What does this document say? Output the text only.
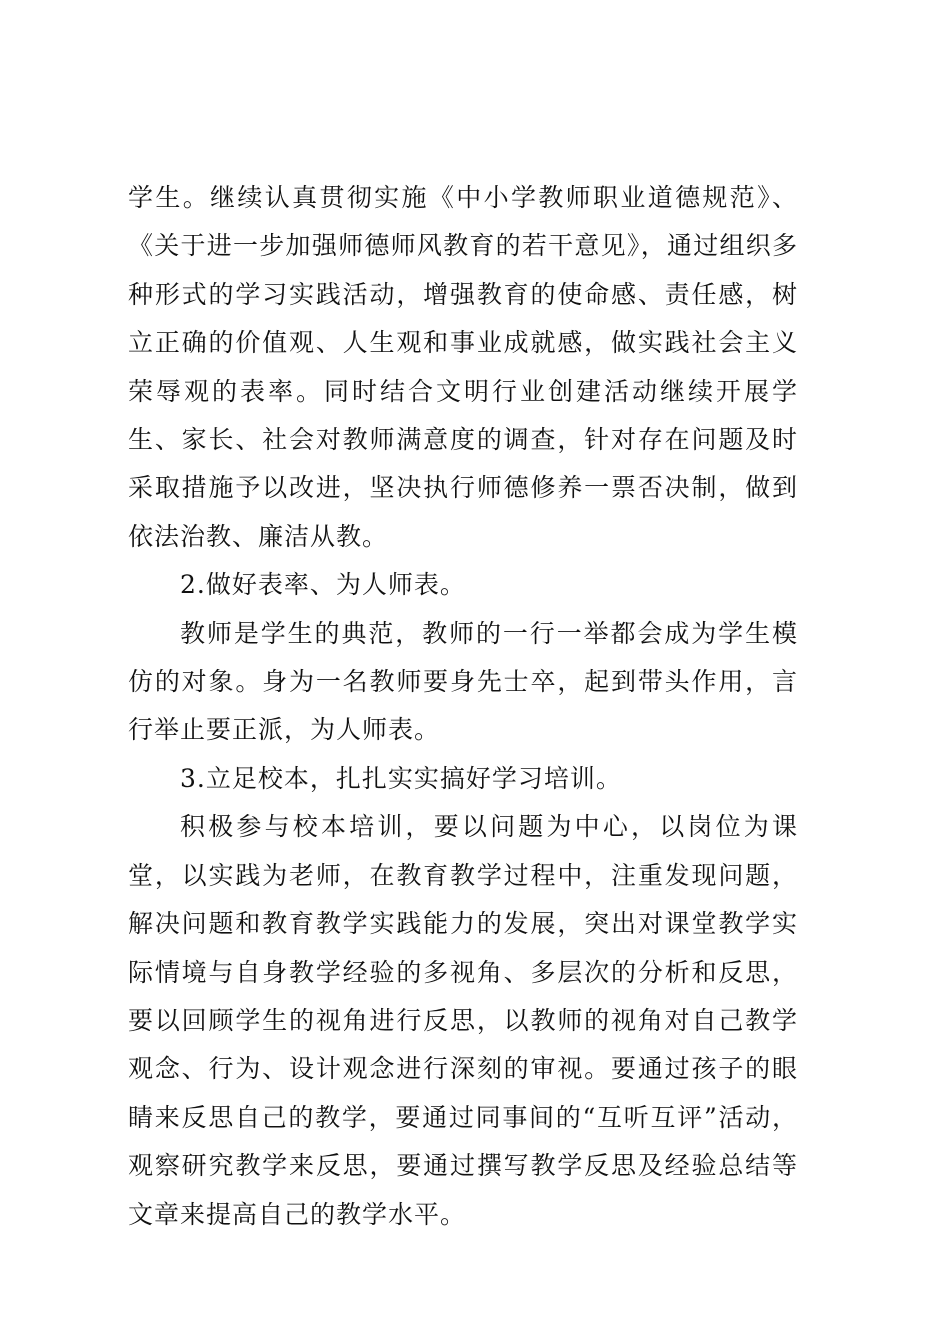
学生。继续认真贯彻实施《中小学教师职业道德规范》、《关于进一步加强师德师风教育的若干意见》，通过组织多种形式的学习实践活动，增强教育的使命感、责任感，树立正确的价值观、人生观和事业成就感，做实践社会主义荣辱观的表率。同时结合文明行业创建活动继续开展学生、家长、社会对教师满意度的调查，针对存在问题及时采取措施予以改进，坚决执行师德修养一票否决制，做到依法治教、廉洁从教。

2.做好表率、为人师表。

教师是学生的典范，教师的一行一举都会成为学生模仿的对象。身为一名教师要身先士卒，起到带头作用，言行举止要正派，为人师表。

3.立足校本，扎扎实实搞好学习培训。

积极参与校本培训，要以问题为中心，以岗位为课堂，以实践为老师，在教育教学过程中，注重发现问题，解决问题和教育教学实践能力的发展，突出对课堂教学实际情境与自身教学经验的多视角、多层次的分析和反思，要以回顾学生的视角进行反思，以教师的视角对自己教学观念、行为、设计观念进行深刻的审视。要通过孩子的眼睛来反思自己的教学，要通过同事间的“互听互评”活动，观察研究教学来反思，要通过撰写教学反思及经验总结等文章来提高自己的教学水平。
